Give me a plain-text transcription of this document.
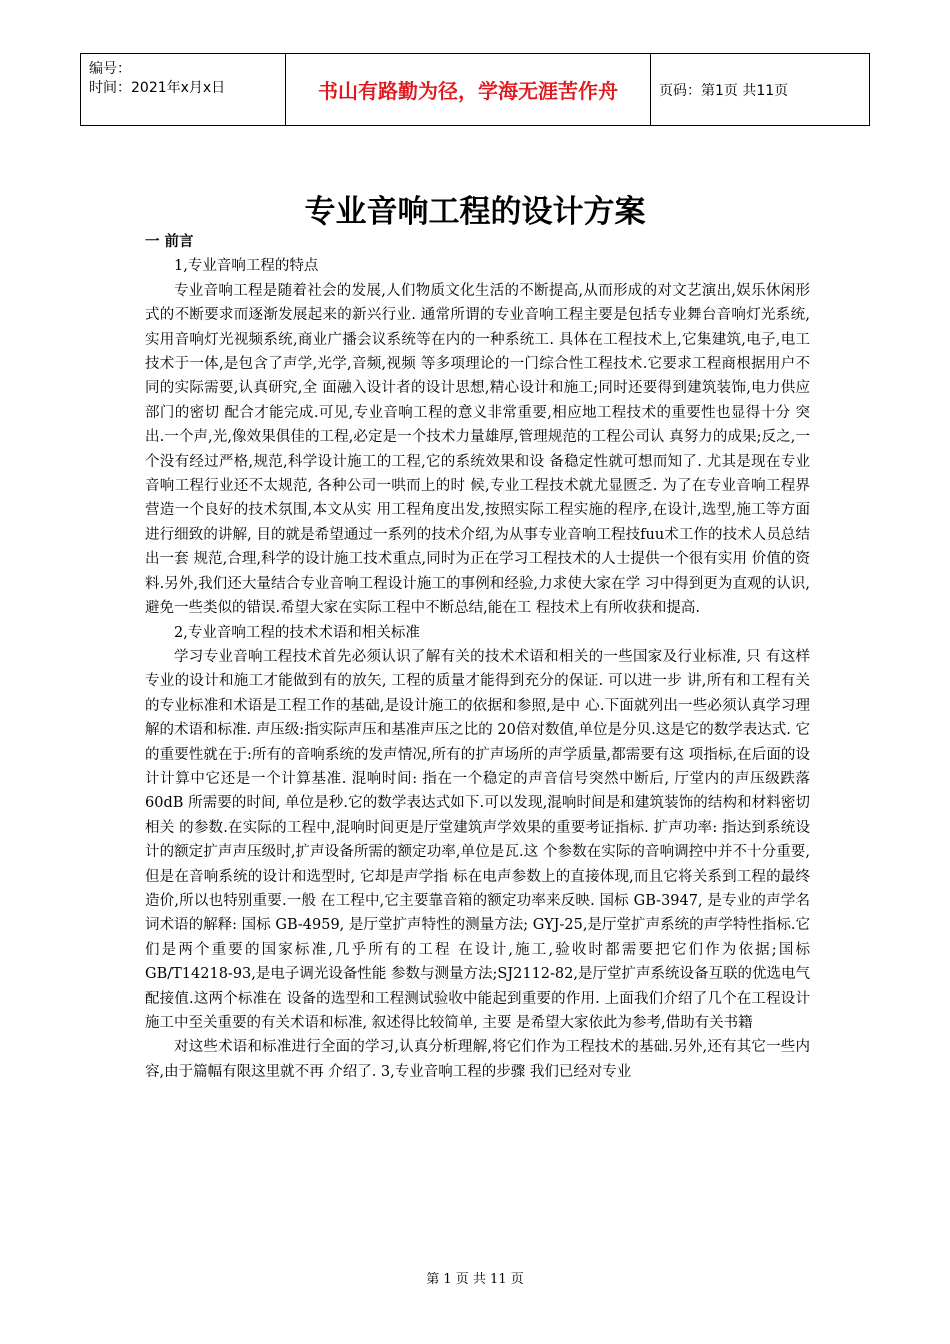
编号：
时间：2021年x月x日	书山有路勤为径，学海无涯苦作舟	页码：第1页 共11页
专业音响工程的设计方案

一 前言

1,专业音响工程的特点

专业音响工程是随着社会的发展,人们物质文化生活的不断提高,从而形成的对文艺演出,娱乐休闲形式的不断要求而逐渐发展起来的新兴行业. 通常所谓的专业音响工程主要是包括专业舞台音响灯光系统,实用音响灯光视频系统,商业广播会议系统等在内的一种系统工. 具体在工程技术上,它集建筑,电子,电工技术于一体,是包含了声学,光学,音频,视频 等多项理论的一门综合性工程技术.它要求工程商根据用户不同的实际需要,认真研究,全 面融入设计者的设计思想,精心设计和施工;同时还要得到建筑装饰,电力供应部门的密切 配合才能完成.可见,专业音响工程的意义非常重要,相应地工程技术的重要性也显得十分 突出.一个声,光,像效果俱佳的工程,必定是一个技术力量雄厚,管理规范的工程公司认 真努力的成果;反之,一个没有经过严格,规范,科学设计施工的工程,它的系统效果和设 备稳定性就可想而知了. 尤其是现在专业音响工程行业还不太规范, 各种公司一哄而上的时 候,专业工程技术就尤显匮乏. 为了在专业音响工程界营造一个良好的技术氛围,本文从实 用工程角度出发,按照实际工程实施的程序,在设计,选型,施工等方面进行细致的讲解, 目的就是希望通过一系列的技术介绍,为从事专业音响工程技fuu术工作的技术人员总结出一套 规范,合理,科学的设计施工技术重点,同时为正在学习工程技术的人士提供一个很有实用 价值的资料.另外,我们还大量结合专业音响工程设计施工的事例和经验,力求使大家在学 习中得到更为直观的认识,避免一些类似的错误.希望大家在实际工程中不断总结,能在工 程技术上有所收获和提高.

2,专业音响工程的技术术语和相关标准

学习专业音响工程技术首先必须认识了解有关的技术术语和相关的一些国家及行业标准, 只 有这样专业的设计和施工才能做到有的放矢, 工程的质量才能得到充分的保证. 可以进一步 讲,所有和工程有关的专业标准和术语是工程工作的基础,是设计施工的依据和参照,是中 心.下面就列出一些必须认真学习理解的术语和标准. 声压级:指实际声压和基准声压之比的 20倍对数值,单位是分贝.这是它的数学表达式. 它的重要性就在于:所有的音响系统的发声情况,所有的扩声场所的声学质量,都需要有这 项指标,在后面的设计计算中它还是一个计算基准. 混响时间: 指在一个稳定的声音信号突然中断后, 厅堂内的声压级跌落 60dB 所需要的时间, 单位是秒.它的数学表达式如下.可以发现,混响时间是和建筑装饰的结构和材料密切相关 的参数.在实际的工程中,混响时间更是厅堂建筑声学效果的重要考证指标. 扩声功率: 指达到系统设计的额定扩声声压级时,扩声设备所需的额定功率,单位是瓦.这 个参数在实际的音响调控中并不十分重要, 但是在音响系统的设计和选型时, 它却是声学指 标在电声参数上的直接体现,而且它将关系到工程的最终造价,所以也特别重要.一般 在工程中,它主要靠音箱的额定功率来反映. 国标 GB-3947, 是专业的声学名词术语的解释: 国标 GB-4959, 是厅堂扩声特性的测量方法; GYJ-25,是厅堂扩声系统的声学特性指标.它们是两个重要的国家标准,几乎所有的工程 在设计,施工,验收时都需要把它们作为依据;国标 GB/T14218-93,是电子调光设备性能 参数与测量方法;SJ2112-82,是厅堂扩声系统设备互联的优选电气配接值.这两个标准在 设备的选型和工程测试验收中能起到重要的作用. 上面我们介绍了几个在工程设计施工中至关重要的有关术语和标准, 叙述得比较简单, 主要 是希望大家依此为参考,借助有关书籍

对这些术语和标准进行全面的学习,认真分析理解,将它们作为工程技术的基础.另外,还有其它一些内容,由于篇幅有限这里就不再 介绍了. 3,专业音响工程的步骤 我们已经对专业

第 1 页 共 11 页
